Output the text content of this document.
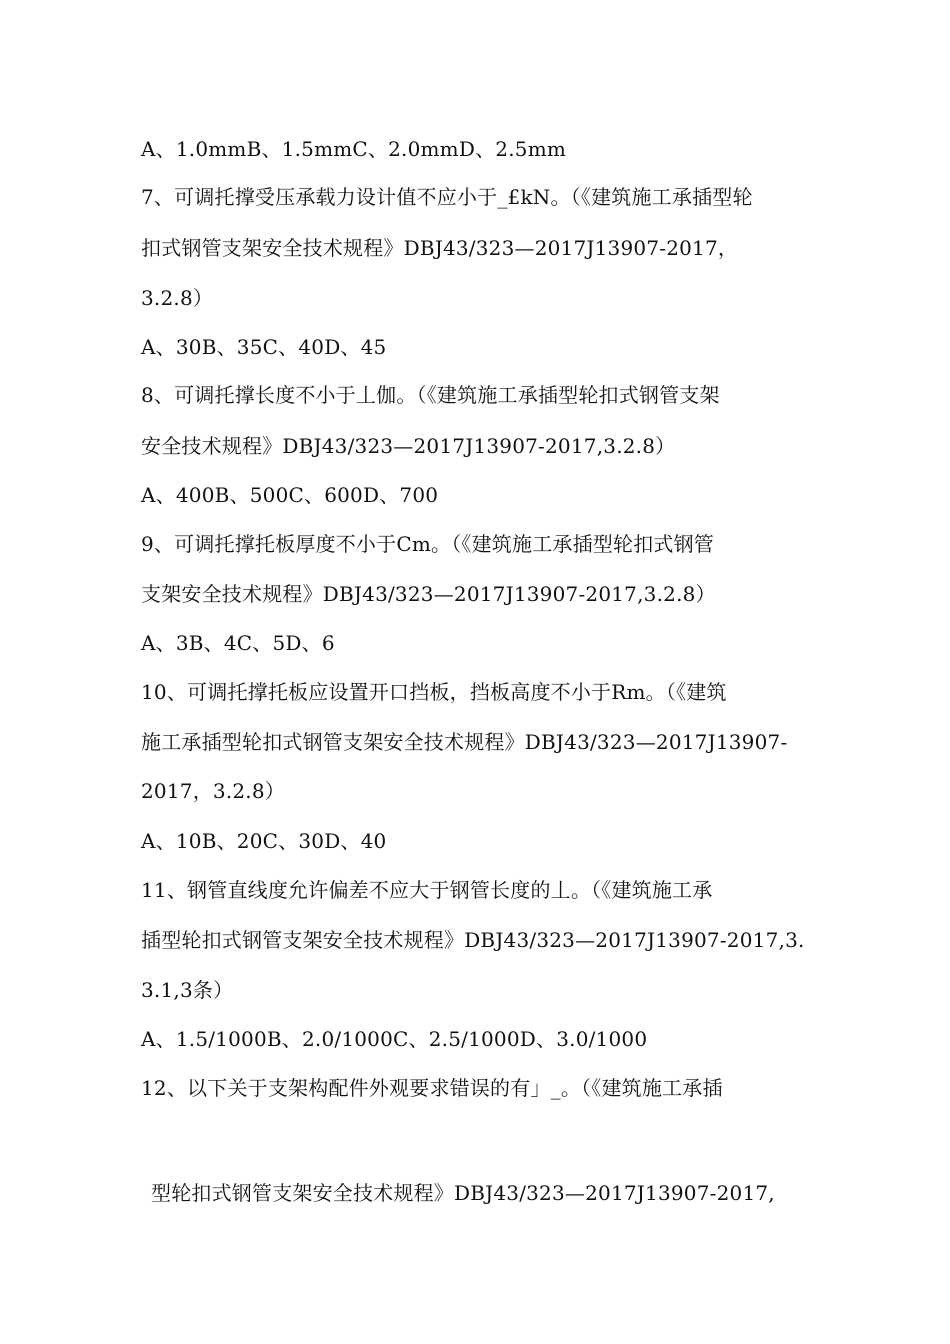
A、1.0mmB、1.5mmC、2.0mmD、2.5mm
7、可调托撑受压承载力设计值不应小于_£kN。（《建筑施工承插型轮
扣式钢管支架安全技术规程》DBJ43/323—2017J13907-2017，
3.2.8）
A、30B、35C、40D、45
8、可调托撑长度不小于丄伽。（《建筑施工承插型轮扣式钢管支架
安全技术规程》DBJ43/323—2017J13907-2017,3.2.8）
A、400B、500C、600D、700
9、可调托撑托板厚度不小于Cm。（《建筑施工承插型轮扣式钢管
支架安全技术规程》DBJ43/323—2017J13907-2017,3.2.8）
A、3B、4C、5D、6
10、可调托撑托板应设置开口挡板，挡板高度不小于Rm。（《建筑
施工承插型轮扣式钢管支架安全技术规程》DBJ43/323—2017J13907-
2017，3.2.8）
A、10B、20C、30D、40
11、钢管直线度允许偏差不应大于钢管长度的丄。（《建筑施工承
插型轮扣式钢管支架安全技术规程》DBJ43/323—2017J13907-2017,3.
3.1,3条）
A、1.5/1000B、2.0/1000C、2.5/1000D、3.0/1000
12、以下关于支架构配件外观要求错误的有」_。（《建筑施工承插
型轮扣式钢管支架安全技术规程》DBJ43/323—2017J13907-2017,
